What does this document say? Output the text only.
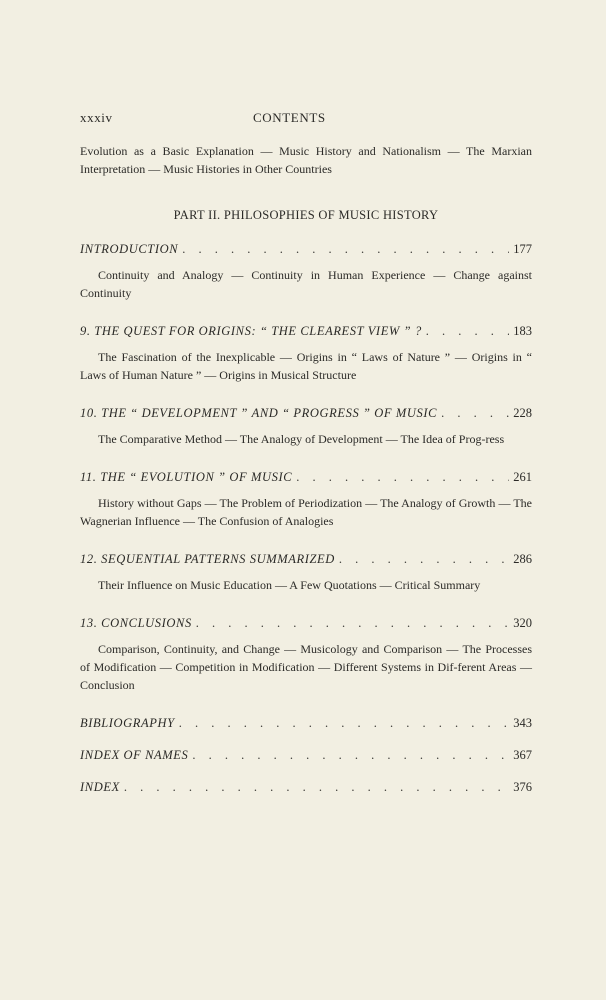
xxxiv	CONTENTS

Evolution as a Basic Explanation — Music History and Nationalism — The Marxian Interpretation — Music Histories in Other Countries

PART II. PHILOSOPHIES OF MUSIC HISTORY
INTRODUCTION . . .	177

Continuity and Analogy — Continuity in Human Experience — Change against Continuity

9. THE QUEST FOR ORIGINS: “ THE CLEAREST VIEW ” ? . . .	183

The Fascination of the Inexplicable — Origins in “ Laws of Nature ” — Origins in “ Laws of Human Nature ” — Origins in Musical Structure

10. THE “ DEVELOPMENT ” AND “ PROGRESS ” OF MUSIC . . .	228

The Comparative Method — The Analogy of Development — The Idea of Prog-ress

11. THE “ EVOLUTION ” OF MUSIC . . .	261

History without Gaps — The Problem of Periodization — The Analogy of Growth — The Wagnerian Influence — The Confusion of Analogies

12. SEQUENTIAL PATTERNS SUMMARIZED . . .	286

Their Influence on Music Education — A Few Quotations — Critical Summary

13. CONCLUSIONS . . .	320

Comparison, Continuity, and Change — Musicology and Comparison — The Processes of Modification — Competition in Modification — Different Systems in Dif-ferent Areas — Conclusion

BIBLIOGRAPHY . . .	343
INDEX OF NAMES . . .	367
INDEX . . .	376
